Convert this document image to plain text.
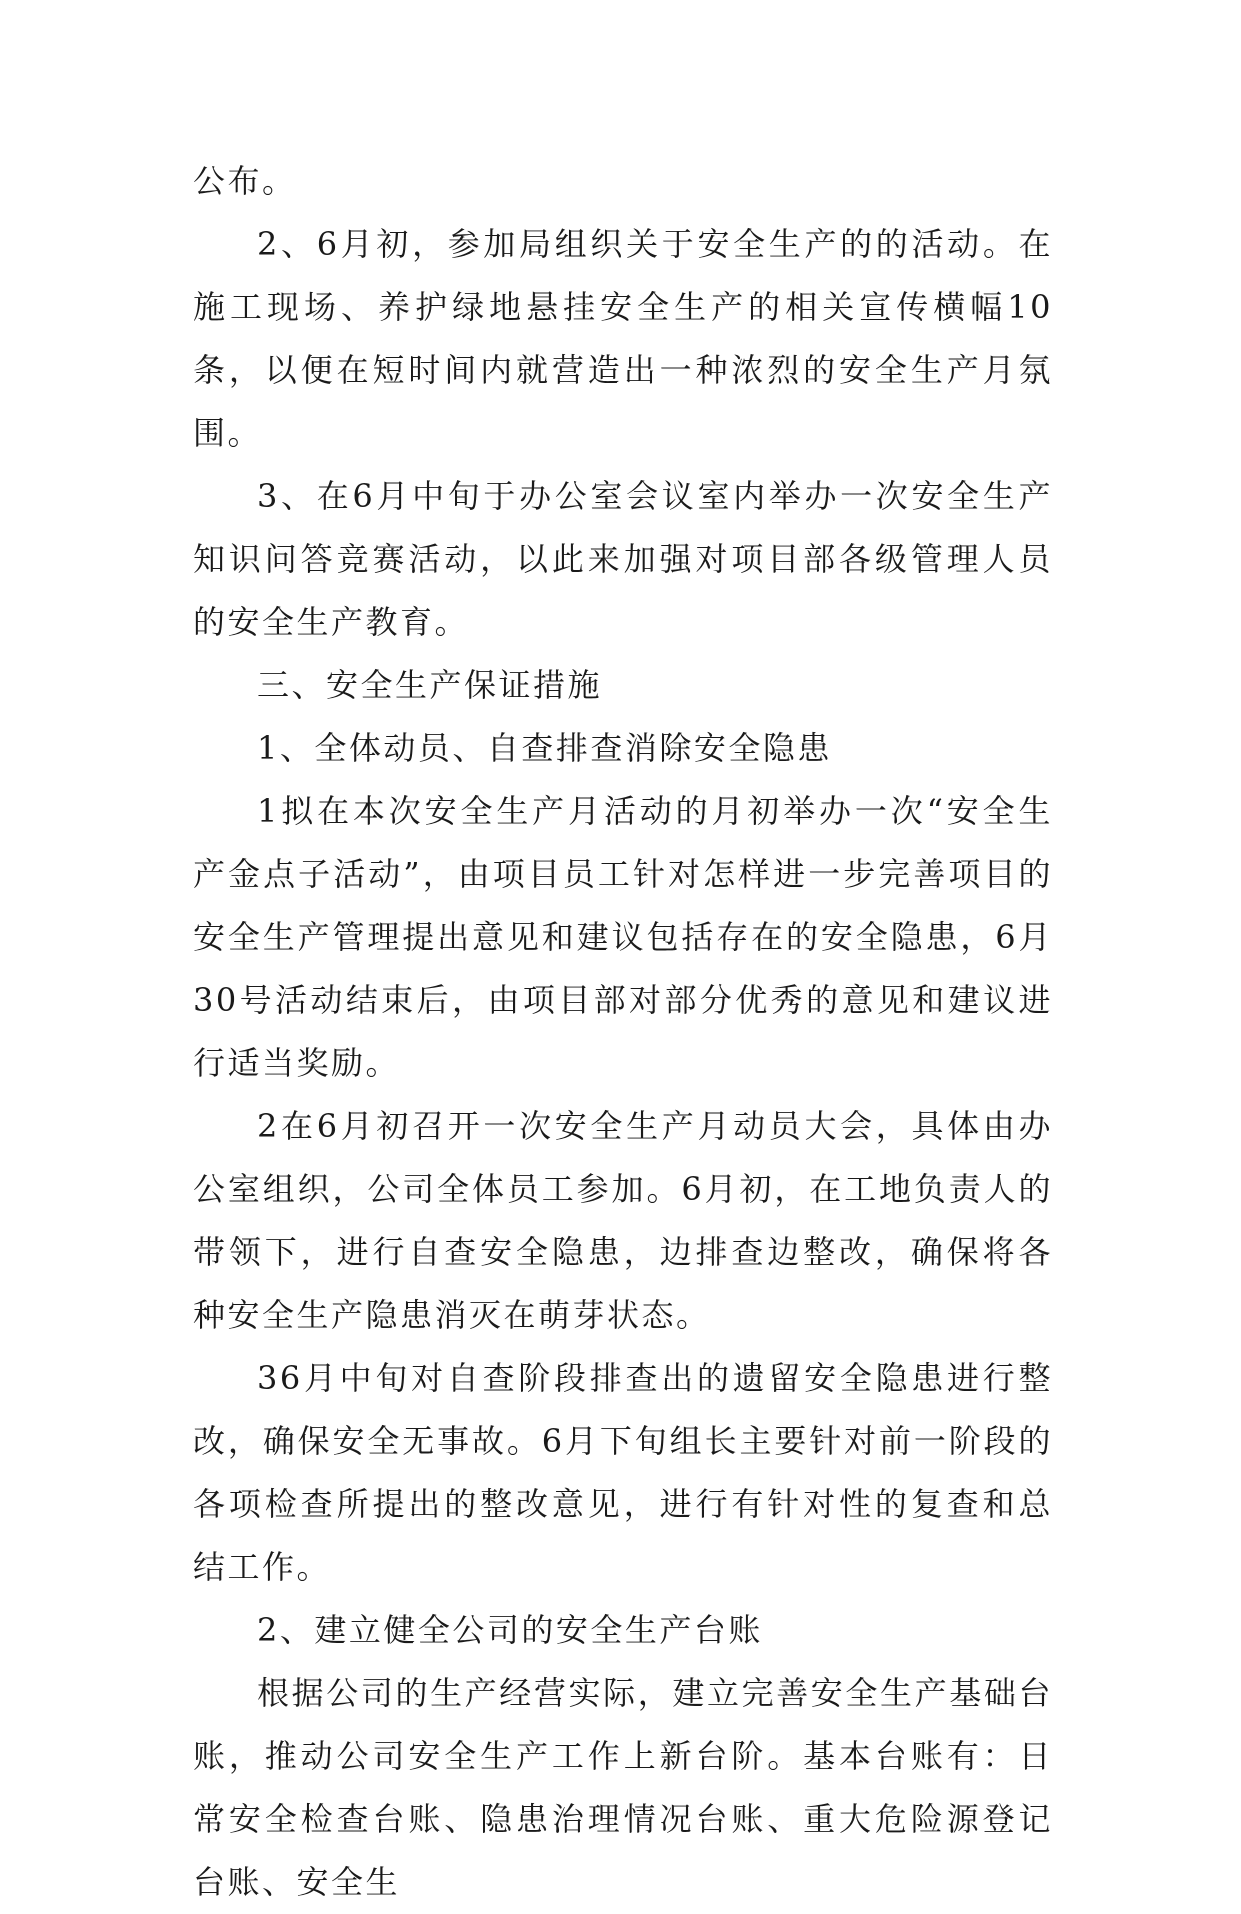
公布。

2、6月初，参加局组织关于安全生产的的活动。在施工现场、养护绿地悬挂安全生产的相关宣传横幅10条，以便在短时间内就营造出一种浓烈的安全生产月氛围。

3、在6月中旬于办公室会议室内举办一次安全生产知识问答竞赛活动，以此来加强对项目部各级管理人员的安全生产教育。

三、安全生产保证措施

1、全体动员、自查排查消除安全隐患

1拟在本次安全生产月活动的月初举办一次“安全生产金点子活动”，由项目员工针对怎样进一步完善项目的安全生产管理提出意见和建议包括存在的安全隐患，6月30号活动结束后，由项目部对部分优秀的意见和建议进行适当奖励。

2在6月初召开一次安全生产月动员大会，具体由办公室组织，公司全体员工参加。6月初，在工地负责人的带领下，进行自查安全隐患，边排查边整改，确保将各种安全生产隐患消灭在萌芽状态。

36月中旬对自查阶段排查出的遗留安全隐患进行整改，确保安全无事故。6月下旬组长主要针对前一阶段的各项检查所提出的整改意见，进行有针对性的复查和总结工作。

2、建立健全公司的安全生产台账

根据公司的生产经营实际，建立完善安全生产基础台账，推动公司安全生产工作上新台阶。基本台账有：日常安全检查台账、隐患治理情况台账、重大危险源登记台账、安全生
